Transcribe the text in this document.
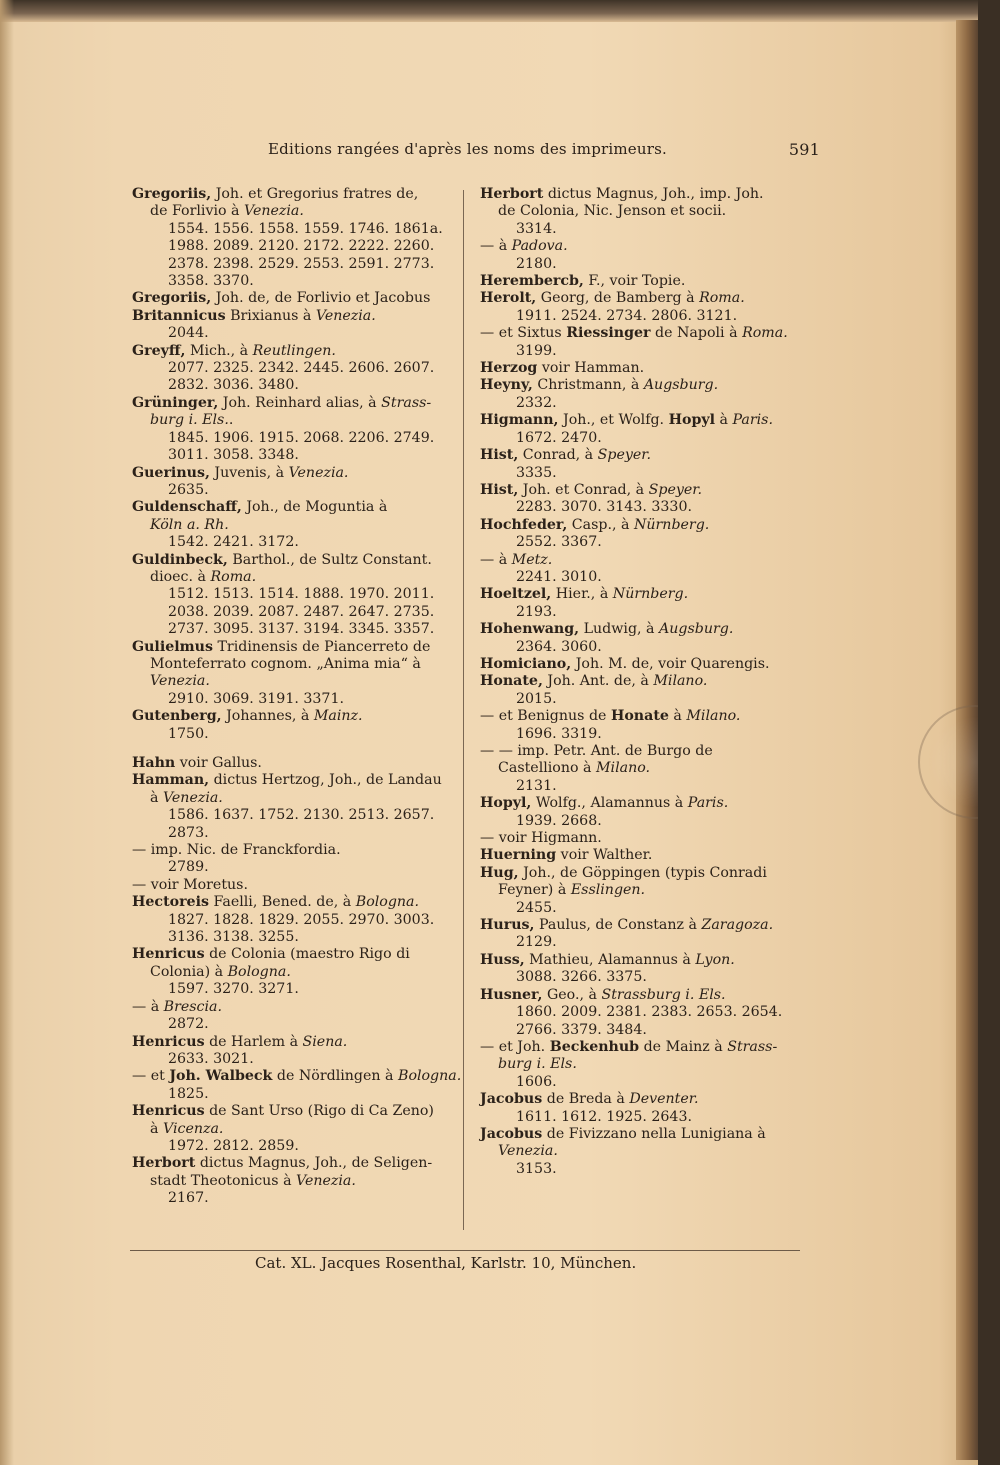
Editions rangées d'après les noms des imprimeurs.	591
Gregoriis, Joh. et Gregorius fratres de,
de Forlivio à Venezia.
1554. 1556. 1558. 1559. 1746. 1861a.
1988. 2089. 2120. 2172. 2222. 2260.
2378. 2398. 2529. 2553. 2591. 2773.
3358. 3370.
Gregoriis, Joh. de, de Forlivio et Jacobus
Britannicus Brixianus à Venezia.
2044.
Greyff, Mich., à Reutlingen.
2077. 2325. 2342. 2445. 2606. 2607.
2832. 3036. 3480.
Grüninger, Joh. Reinhard alias, à Strass-
burg i. Els..
1845. 1906. 1915. 2068. 2206. 2749.
3011. 3058. 3348.
Guerinus, Juvenis, à Venezia.
2635.
Guldenschaff, Joh., de Moguntia à
Köln a. Rh.
1542. 2421. 3172.
Guldinbeck, Barthol., de Sultz Constant.
dioec. à Roma.
1512. 1513. 1514. 1888. 1970. 2011.
2038. 2039. 2087. 2487. 2647. 2735.
2737. 3095. 3137. 3194. 3345. 3357.
Gulielmus Tridinensis de Piancerreto de
Monteferrato cognom. „Anima mia“ à
Venezia.
2910. 3069. 3191. 3371.
Gutenberg, Johannes, à Mainz.
1750.
Hahn voir Gallus.
Hamman, dictus Hertzog, Joh., de Landau
à Venezia.
1586. 1637. 1752. 2130. 2513. 2657.
2873.
— imp. Nic. de Franckfordia.
2789.
— voir Moretus.
Hectoreis Faelli, Bened. de, à Bologna.
1827. 1828. 1829. 2055. 2970. 3003.
3136. 3138. 3255.
Henricus de Colonia (maestro Rigo di
Colonia) à Bologna.
1597. 3270. 3271.
— à Brescia.
2872.
Henricus de Harlem à Siena.
2633. 3021.
— et Joh. Walbeck de Nördlingen à Bologna.
1825.
Henricus de Sant Urso (Rigo di Ca Zeno)
à Vicenza.
1972. 2812. 2859.
Herbort dictus Magnus, Joh., de Seligen-
stadt Theotonicus à Venezia.
2167.
Herbort dictus Magnus, Joh., imp. Joh.
de Colonia, Nic. Jenson et socii.
3314.
— à Padova.
2180.
Herembercb, F., voir Topie.
Herolt, Georg, de Bamberg à Roma.
1911. 2524. 2734. 2806. 3121.
— et Sixtus Riessinger de Napoli à Roma.
3199.
Herzog voir Hamman.
Heyny, Christmann, à Augsburg.
2332.
Higmann, Joh., et Wolfg. Hopyl à Paris.
1672. 2470.
Hist, Conrad, à Speyer.
3335.
Hist, Joh. et Conrad, à Speyer.
2283. 3070. 3143. 3330.
Hochfeder, Casp., à Nürnberg.
2552. 3367.
— à Metz.
2241. 3010.
Hoeltzel, Hier., à Nürnberg.
2193.
Hohenwang, Ludwig, à Augsburg.
2364. 3060.
Homiciano, Joh. M. de, voir Quarengis.
Honate, Joh. Ant. de, à Milano.
2015.
— et Benignus de Honate à Milano.
1696. 3319.
— — imp. Petr. Ant. de Burgo de
Castelliono à Milano.
2131.
Hopyl, Wolfg., Alamannus à Paris.
1939. 2668.
— voir Higmann.
Huerning voir Walther.
Hug, Joh., de Göppingen (typis Conradi
Feyner) à Esslingen.
2455.
Hurus, Paulus, de Constanz à Zaragoza.
2129.
Huss, Mathieu, Alamannus à Lyon.
3088. 3266. 3375.
Husner, Geo., à Strassburg i. Els.
1860. 2009. 2381. 2383. 2653. 2654.
2766. 3379. 3484.
— et Joh. Beckenhub de Mainz à Strass-
burg i. Els.
1606.
Jacobus de Breda à Deventer.
1611. 1612. 1925. 2643.
Jacobus de Fivizzano nella Lunigiana à
Venezia.
3153.
Cat. XL. Jacques Rosenthal, Karlstr. 10, München.
